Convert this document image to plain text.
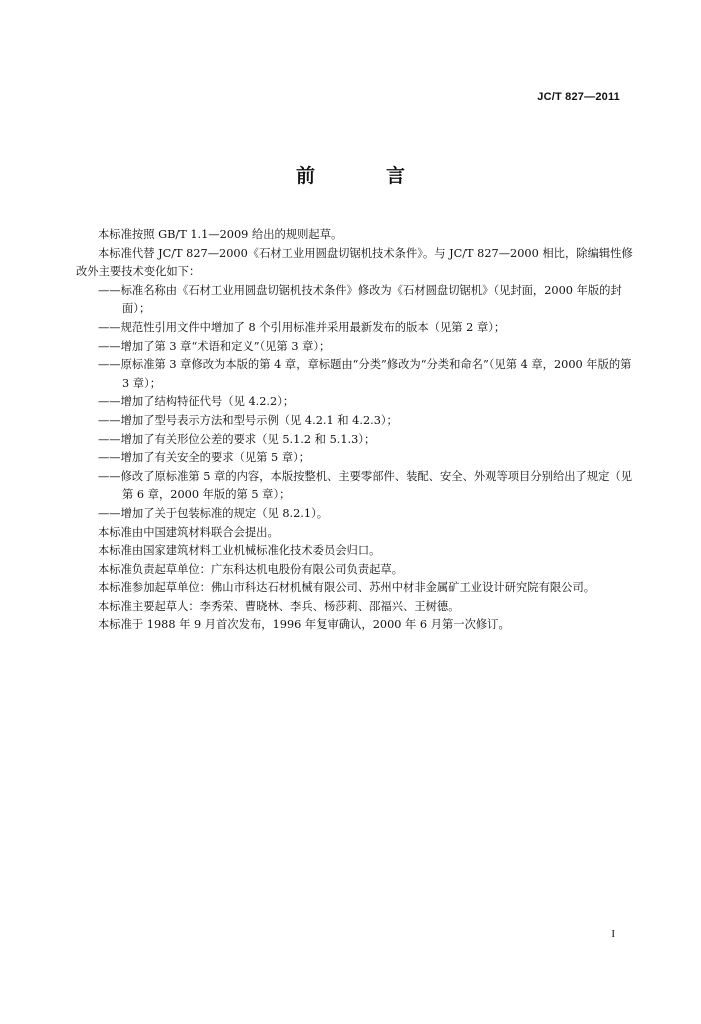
JC/T 827—2011
前　言

本标准按照 GB/T 1.1—2009 给出的规则起草。

本标准代替 JC/T 827—2000《石材工业用圆盘切锯机技术条件》。与 JC/T 827—2000 相比，除编辑性修改外主要技术变化如下：

——标准名称由《石材工业用圆盘切锯机技术条件》修改为《石材圆盘切锯机》（见封面，2000 年版的封面）；

——规范性引用文件中增加了 8 个引用标准并采用最新发布的版本（见第 2 章）；

——增加了第 3 章“术语和定义”（见第 3 章）；

——原标准第 3 章修改为本版的第 4 章，章标题由“分类”修改为“分类和命名”（见第 4 章，2000 年版的第 3 章）；

——增加了结构特征代号（见 4.2.2）；

——增加了型号表示方法和型号示例（见 4.2.1 和 4.2.3）；

——增加了有关形位公差的要求（见 5.1.2 和 5.1.3）；

——增加了有关安全的要求（见第 5 章）；

——修改了原标准第 5 章的内容，本版按整机、主要零部件、装配、安全、外观等项目分别给出了规定（见第 6 章，2000 年版的第 5 章）；

——增加了关于包装标准的规定（见 8.2.1）。

本标准由中国建筑材料联合会提出。

本标准由国家建筑材料工业机械标准化技术委员会归口。

本标准负责起草单位：广东科达机电股份有限公司负责起草。

本标准参加起草单位：佛山市科达石材机械有限公司、苏州中材非金属矿工业设计研究院有限公司。

本标准主要起草人：李秀荣、曹晓林、李兵、杨莎莉、邵福兴、王树德。

本标准于 1988 年 9 月首次发布，1996 年复审确认，2000 年 6 月第一次修订。

I
